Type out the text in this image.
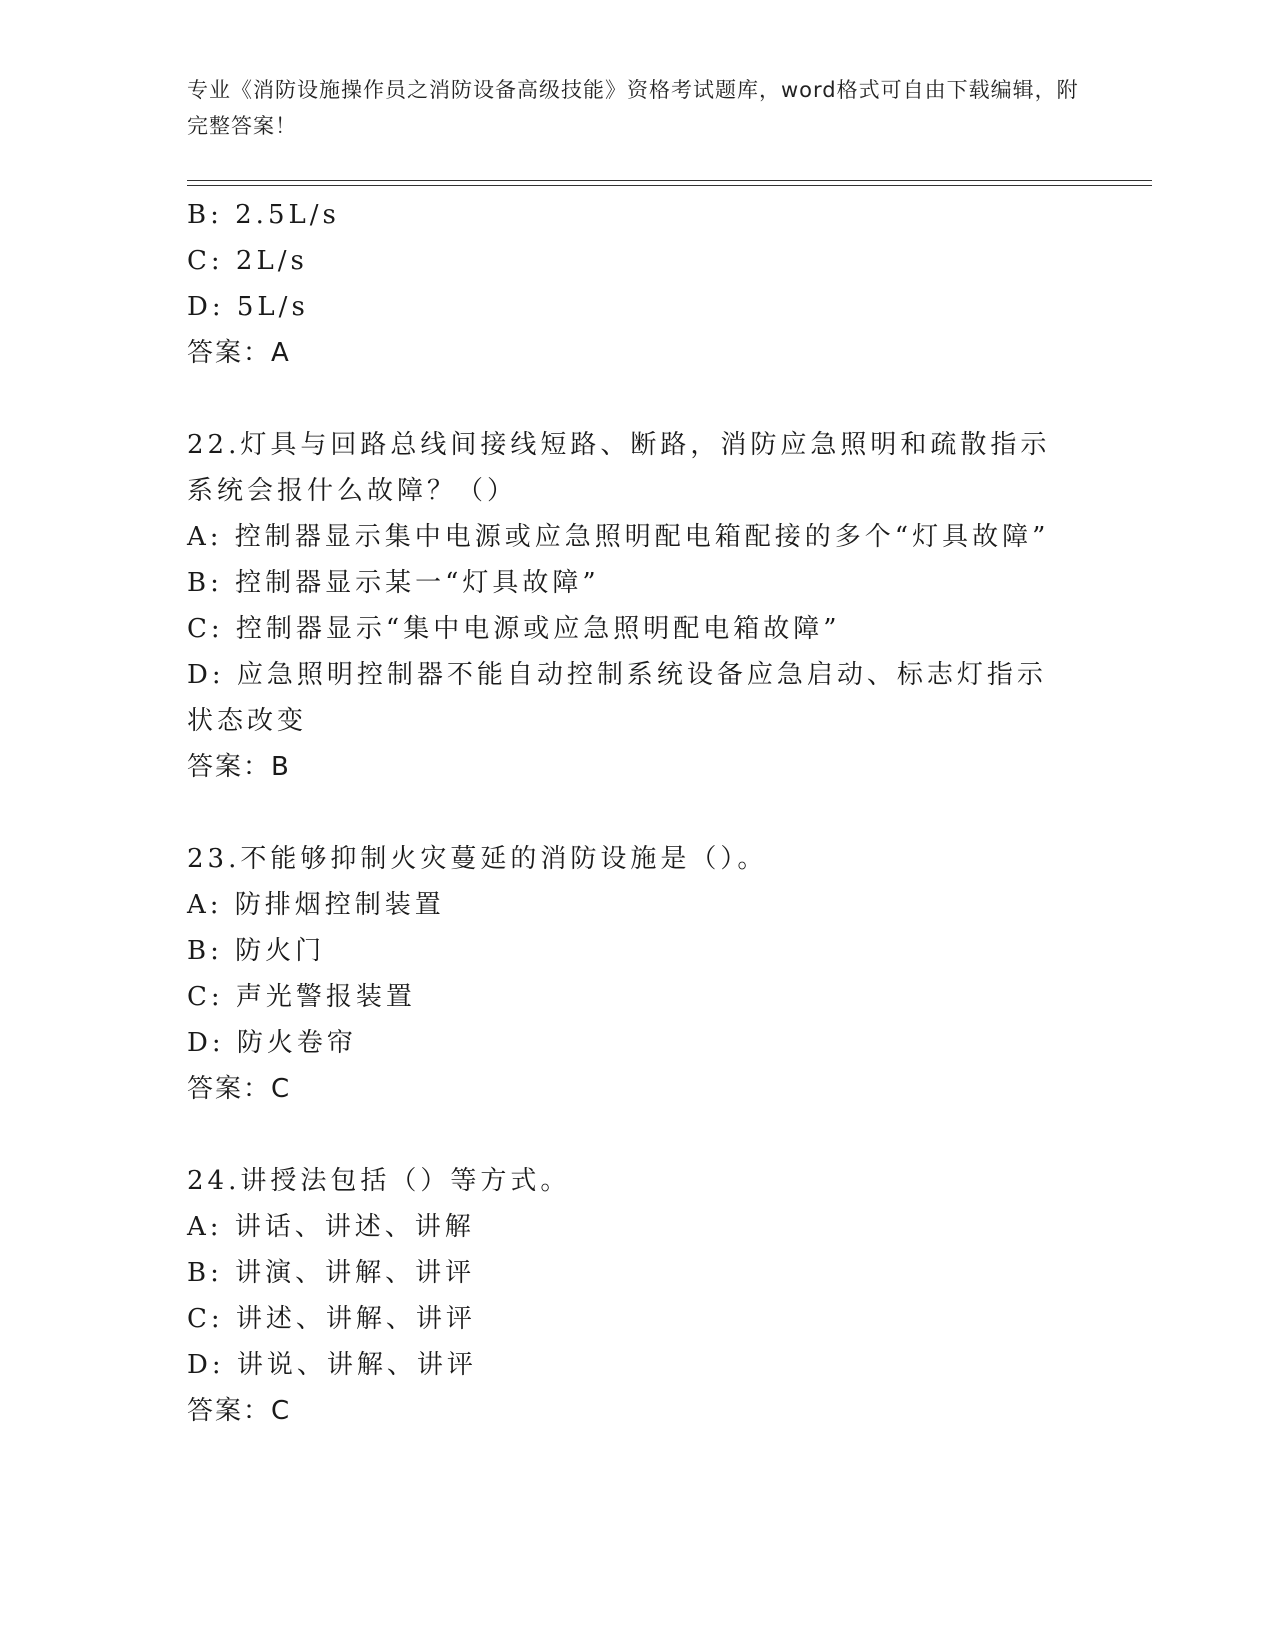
专业《消防设施操作员之消防设备高级技能》资格考试题库，word格式可自由下载编辑，附完整答案！
B: 2.5L/s
C: 2L/s
D: 5L/s
答案：A
22.灯具与回路总线间接线短路、断路，消防应急照明和疏散指示系统会报什么故障？（）
A: 控制器显示集中电源或应急照明配电箱配接的多个“灯具故障”
B: 控制器显示某一“灯具故障”
C: 控制器显示“集中电源或应急照明配电箱故障”
D: 应急照明控制器不能自动控制系统设备应急启动、标志灯指示状态改变
答案：B
23.不能够抑制火灾蔓延的消防设施是（）。
A: 防排烟控制装置
B: 防火门
C: 声光警报装置
D: 防火卷帘
答案：C
24.讲授法包括（）等方式。
A: 讲话、讲述、讲解
B: 讲演、讲解、讲评
C: 讲述、讲解、讲评
D: 讲说、讲解、讲评
答案：C
